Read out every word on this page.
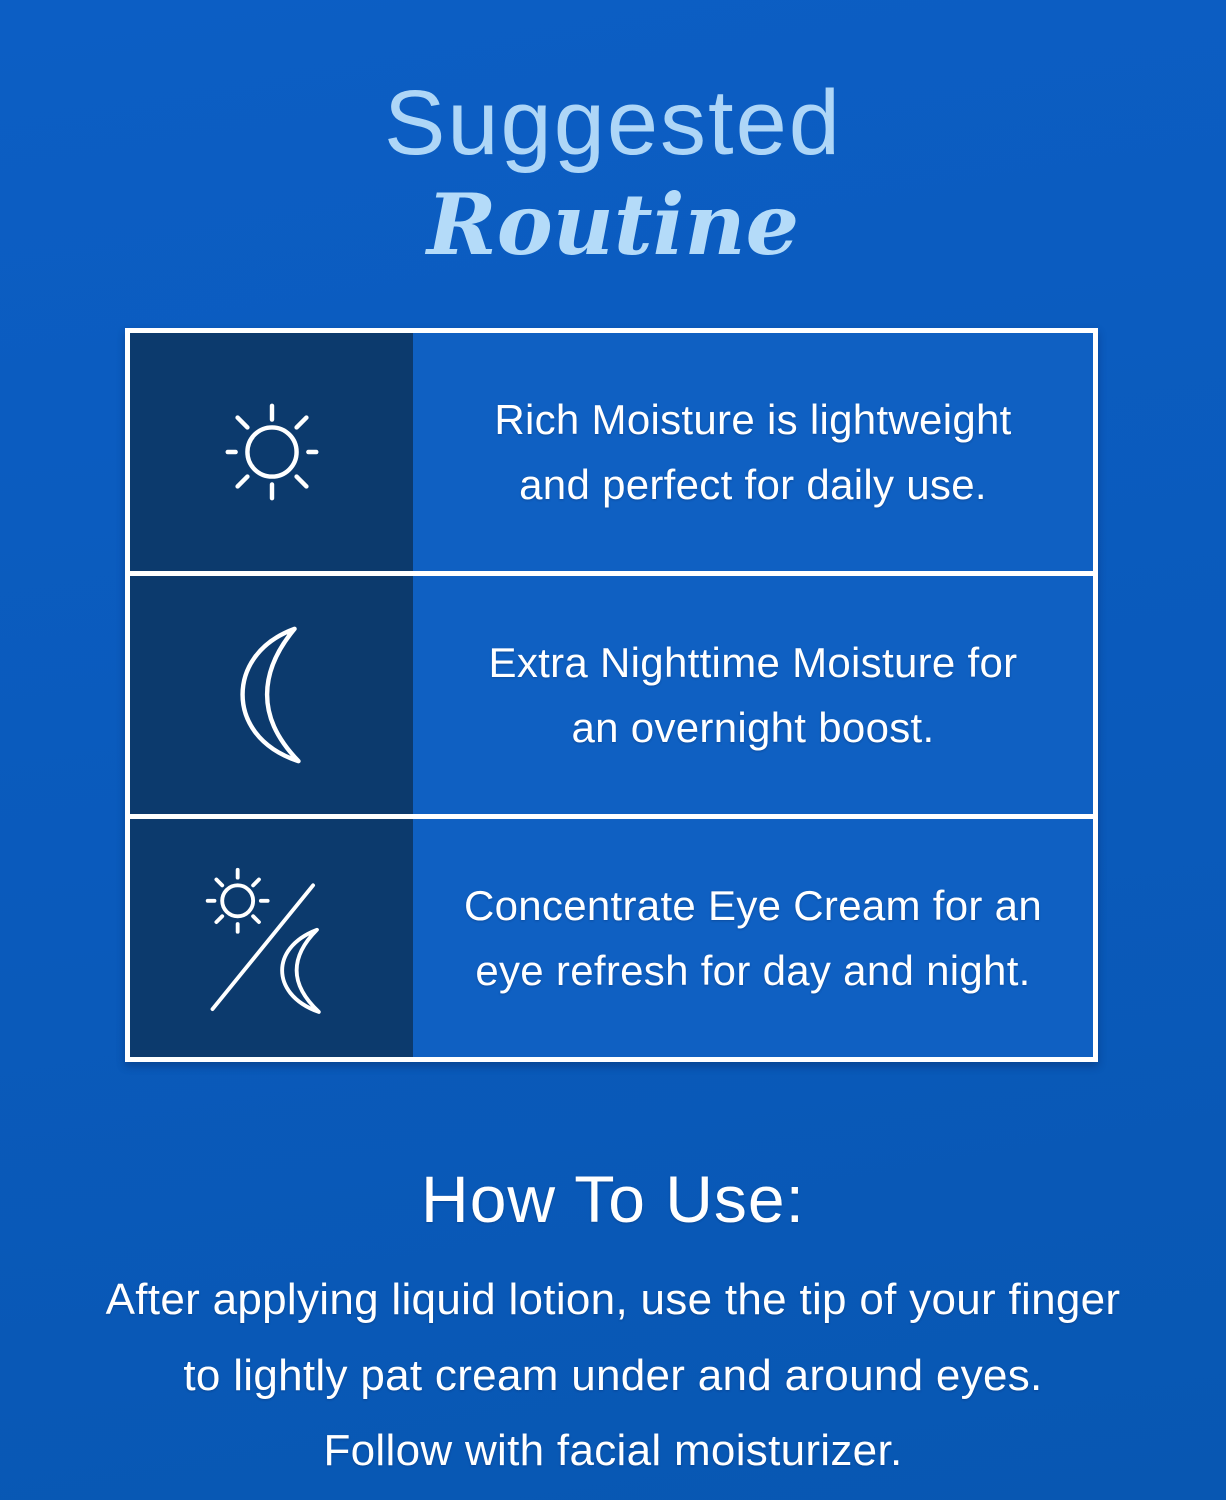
Suggested
Routine

Rich Moisture is lightweight
and perfect for daily use.

Extra Nighttime Moisture for
an overnight boost.

Concentrate Eye Cream for an
eye refresh for day and night.

How To Use:

After applying liquid lotion, use the tip of your finger
to lightly pat cream under and around eyes.
Follow with facial moisturizer.
